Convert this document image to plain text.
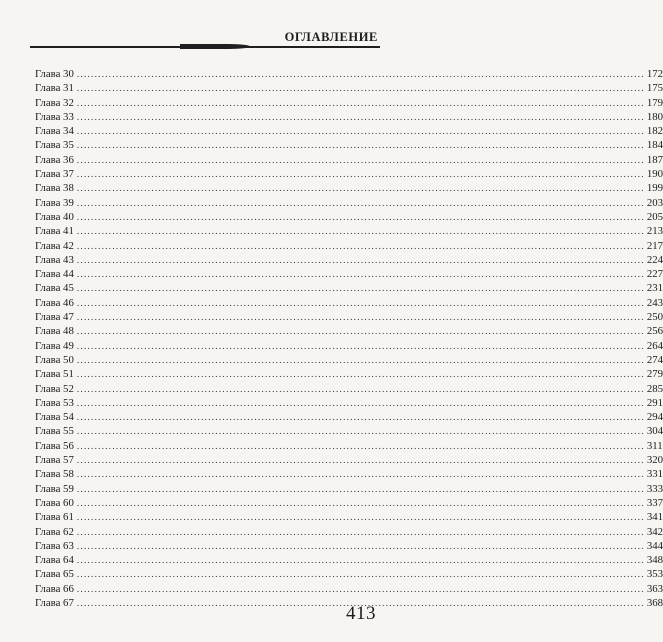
ОГЛАВЛЕНИЕ
Глава 30 ................................................................................................................................................................ 172
Глава 31 ................................................................................................................................................................ 175
Глава 32 ................................................................................................................................................................ 179
Глава 33 ................................................................................................................................................................ 180
Глава 34 ................................................................................................................................................................ 182
Глава 35 ................................................................................................................................................................ 184
Глава 36 ................................................................................................................................................................ 187
Глава 37 ................................................................................................................................................................ 190
Глава 38 ................................................................................................................................................................ 199
Глава 39 ................................................................................................................................................................ 203
Глава 40 ................................................................................................................................................................ 205
Глава 41 ................................................................................................................................................................ 213
Глава 42 ................................................................................................................................................................ 217
Глава 43 ................................................................................................................................................................ 224
Глава 44 ................................................................................................................................................................ 227
Глава 45 ................................................................................................................................................................ 231
Глава 46 ................................................................................................................................................................ 243
Глава 47 ................................................................................................................................................................ 250
Глава 48 ................................................................................................................................................................ 256
Глава 49 ................................................................................................................................................................ 264
Глава 50 ................................................................................................................................................................ 274
Глава 51 ................................................................................................................................................................ 279
Глава 52 ................................................................................................................................................................ 285
Глава 53 ................................................................................................................................................................ 291
Глава 54 ................................................................................................................................................................ 294
Глава 55 ................................................................................................................................................................ 304
Глава 56 ................................................................................................................................................................ 311
Глава 57 ................................................................................................................................................................ 320
Глава 58 ................................................................................................................................................................ 331
Глава 59 ................................................................................................................................................................ 333
Глава 60 ................................................................................................................................................................ 337
Глава 61 ................................................................................................................................................................ 341
Глава 62 ................................................................................................................................................................ 342
Глава 63 ................................................................................................................................................................ 344
Глава 64 ................................................................................................................................................................ 348
Глава 65 ................................................................................................................................................................ 353
Глава 66 ................................................................................................................................................................ 363
Глава 67 ................................................................................................................................................................ 368
413
